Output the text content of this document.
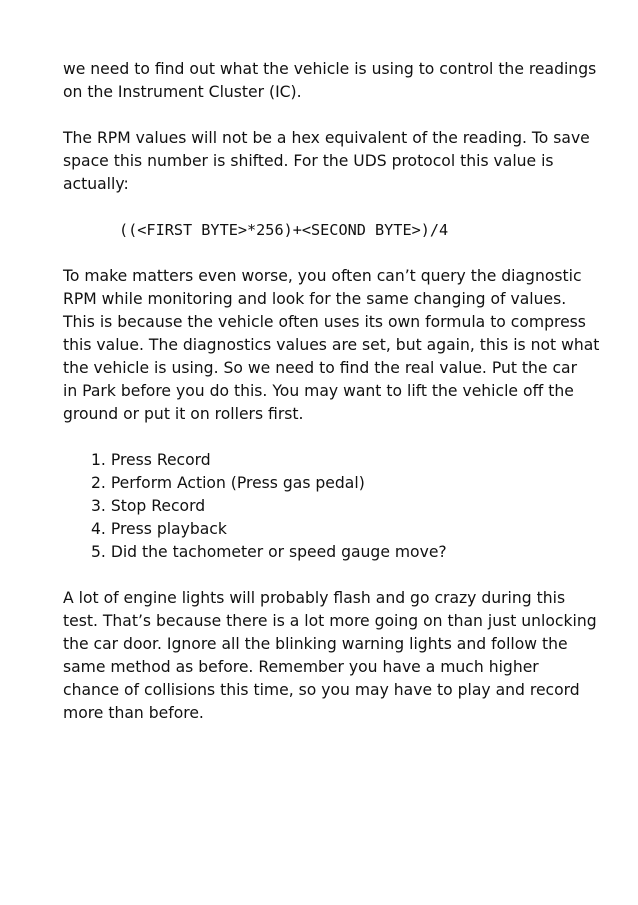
we need to find out what the vehicle is using to control the readings
on the Instrument Cluster (IC).

The RPM values will not be a hex equivalent of the reading. To save
space this number is shifted. For the UDS protocol this value is
actually:

((<FIRST BYTE>*256)+<SECOND BYTE>)/4

To make matters even worse, you often can’t query the diagnostic
RPM while monitoring and look for the same changing of values.
This is because the vehicle often uses its own formula to compress
this value. The diagnostics values are set, but again, this is not what
the vehicle is using. So we need to find the real value. Put the car
in Park before you do this. You may want to lift the vehicle off the
ground or put it on rollers first.

1. Press Record
2. Perform Action (Press gas pedal)
3. Stop Record
4. Press playback
5. Did the tachometer or speed gauge move?

A lot of engine lights will probably flash and go crazy during this
test. That’s because there is a lot more going on than just unlocking
the car door. Ignore all the blinking warning lights and follow the
same method as before. Remember you have a much higher
chance of collisions this time, so you may have to play and record
more than before.
